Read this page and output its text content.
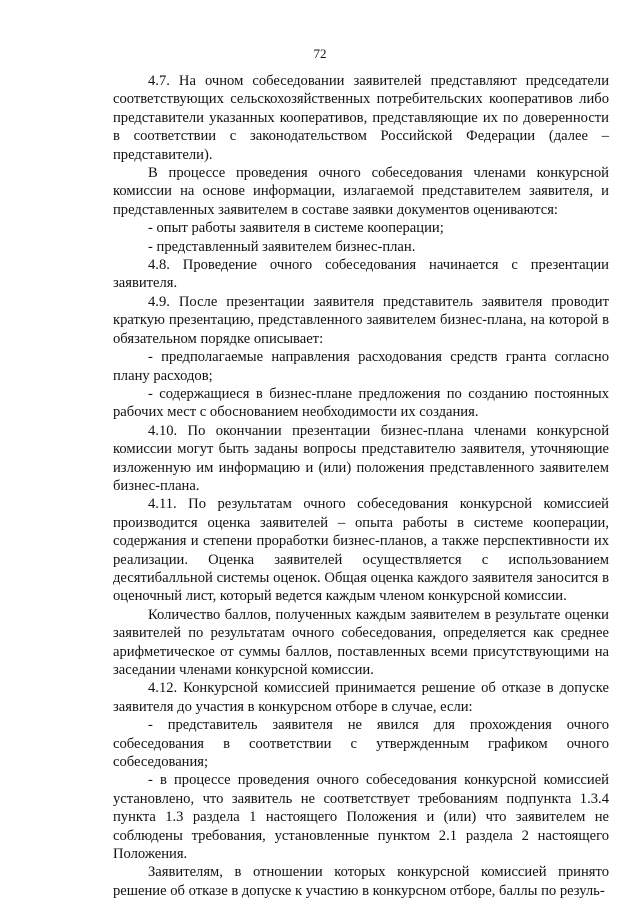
72

4.7. На очном собеседовании заявителей представляют председатели соответствующих сельскохозяйственных потребительских кооперативов либо представители указанных кооперативов, представляющие их по доверенности в соответствии с законодательством Российской Федерации (далее – представители).

В процессе проведения очного собеседования членами конкурсной комиссии на основе информации, излагаемой представителем заявителя, и представленных заявителем в составе заявки документов оцениваются:

- опыт работы заявителя в системе кооперации;

- представленный заявителем бизнес-план.

4.8. Проведение очного собеседования начинается с презентации заявителя.

4.9. После презентации заявителя представитель заявителя проводит краткую презентацию, представленного заявителем бизнес-плана, на которой в обязательном порядке описывает:

- предполагаемые направления расходования средств гранта согласно плану расходов;

- содержащиеся в бизнес-плане предложения по созданию постоянных рабочих мест с обоснованием необходимости их создания.

4.10. По окончании презентации бизнес-плана членами конкурсной комиссии могут быть заданы вопросы представителю заявителя, уточняющие изложенную им информацию и (или) положения представленного заявителем бизнес-плана.

4.11. По результатам очного собеседования конкурсной комиссией производится оценка заявителей – опыта работы в системе кооперации, содержания и степени проработки бизнес-планов, а также перспективности их реализации. Оценка заявителей осуществляется с использованием десятибалльной системы оценок. Общая оценка каждого заявителя заносится в оценочный лист, который ведется каждым членом конкурсной комиссии.

Количество баллов, полученных каждым заявителем в результате оценки заявителей по результатам очного собеседования, определяется как среднее арифметическое от суммы баллов, поставленных всеми присутствующими на заседании членами конкурсной комиссии.

4.12. Конкурсной комиссией принимается решение об отказе в допуске заявителя до участия в конкурсном отборе в случае, если:

- представитель заявителя не явился для прохождения очного собеседования в соответствии с утвержденным графиком очного собеседования;

- в процессе проведения очного собеседования конкурсной комиссией установлено, что заявитель не соответствует требованиям подпункта 1.3.4 пункта 1.3 раздела 1 настоящего Положения и (или) что заявителем не соблюдены требования, установленные пунктом 2.1 раздела 2 настоящего Положения.

Заявителям, в отношении которых конкурсной комиссией принято решение об отказе в допуске к участию в конкурсном отборе, баллы по резуль-
